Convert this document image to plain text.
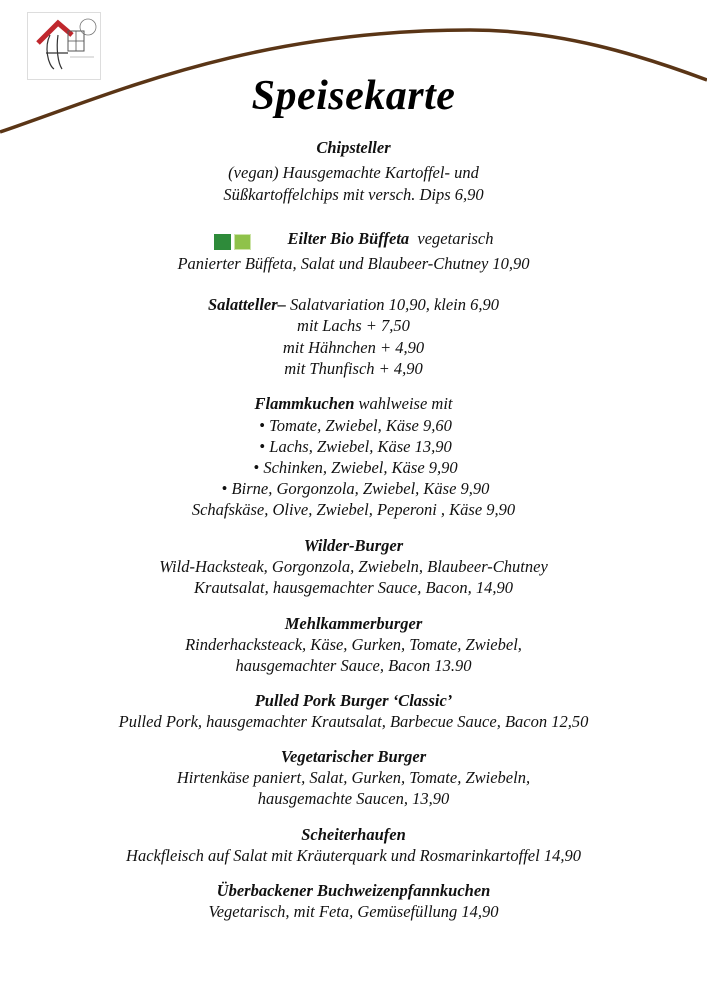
Speisekarte
Chipsteller
(vegan) Hausgemachte Kartoffel- und
Süßkartoffelchips mit versch. Dips 6,90
Eilter Bio Büffeta vegetarisch
Panierter Büffeta, Salat und Blaubeer-Chutney 10,90
Salatteller– Salatvariation 10,90, klein 6,90
mit Lachs + 7,50
mit Hähnchen + 4,90
mit Thunfisch + 4,90
Flammkuchen wahlweise mit
• Tomate, Zwiebel, Käse 9,60
• Lachs, Zwiebel, Käse 13,90
• Schinken, Zwiebel, Käse 9,90
• Birne, Gorgonzola, Zwiebel, Käse 9,90
Schafskäse, Olive, Zwiebel, Peperoni , Käse 9,90
Wilder-Burger
Wild-Hacksteak, Gorgonzola, Zwiebeln, Blaubeer-Chutney
Krautsalat, hausgemachter Sauce, Bacon, 14,90
Mehlkammerburger
Rinderhacksteack, Käse, Gurken, Tomate, Zwiebel,
hausgemachter Sauce, Bacon 13.90
Pulled Pork Burger ‘Classic’
Pulled Pork, hausgemachter Krautsalat, Barbecue Sauce, Bacon 12,50
Vegetarischer Burger
Hirtenkäse paniert, Salat, Gurken, Tomate, Zwiebeln,
hausgemachte Saucen, 13,90
Scheiterhaufen
Hackfleisch auf Salat mit Kräuterquark und Rosmarinkartoffel 14,90
Überbackener Buchweizenpfannkuchen
Vegetarisch, mit Feta, Gemüsefüllung 14,90
